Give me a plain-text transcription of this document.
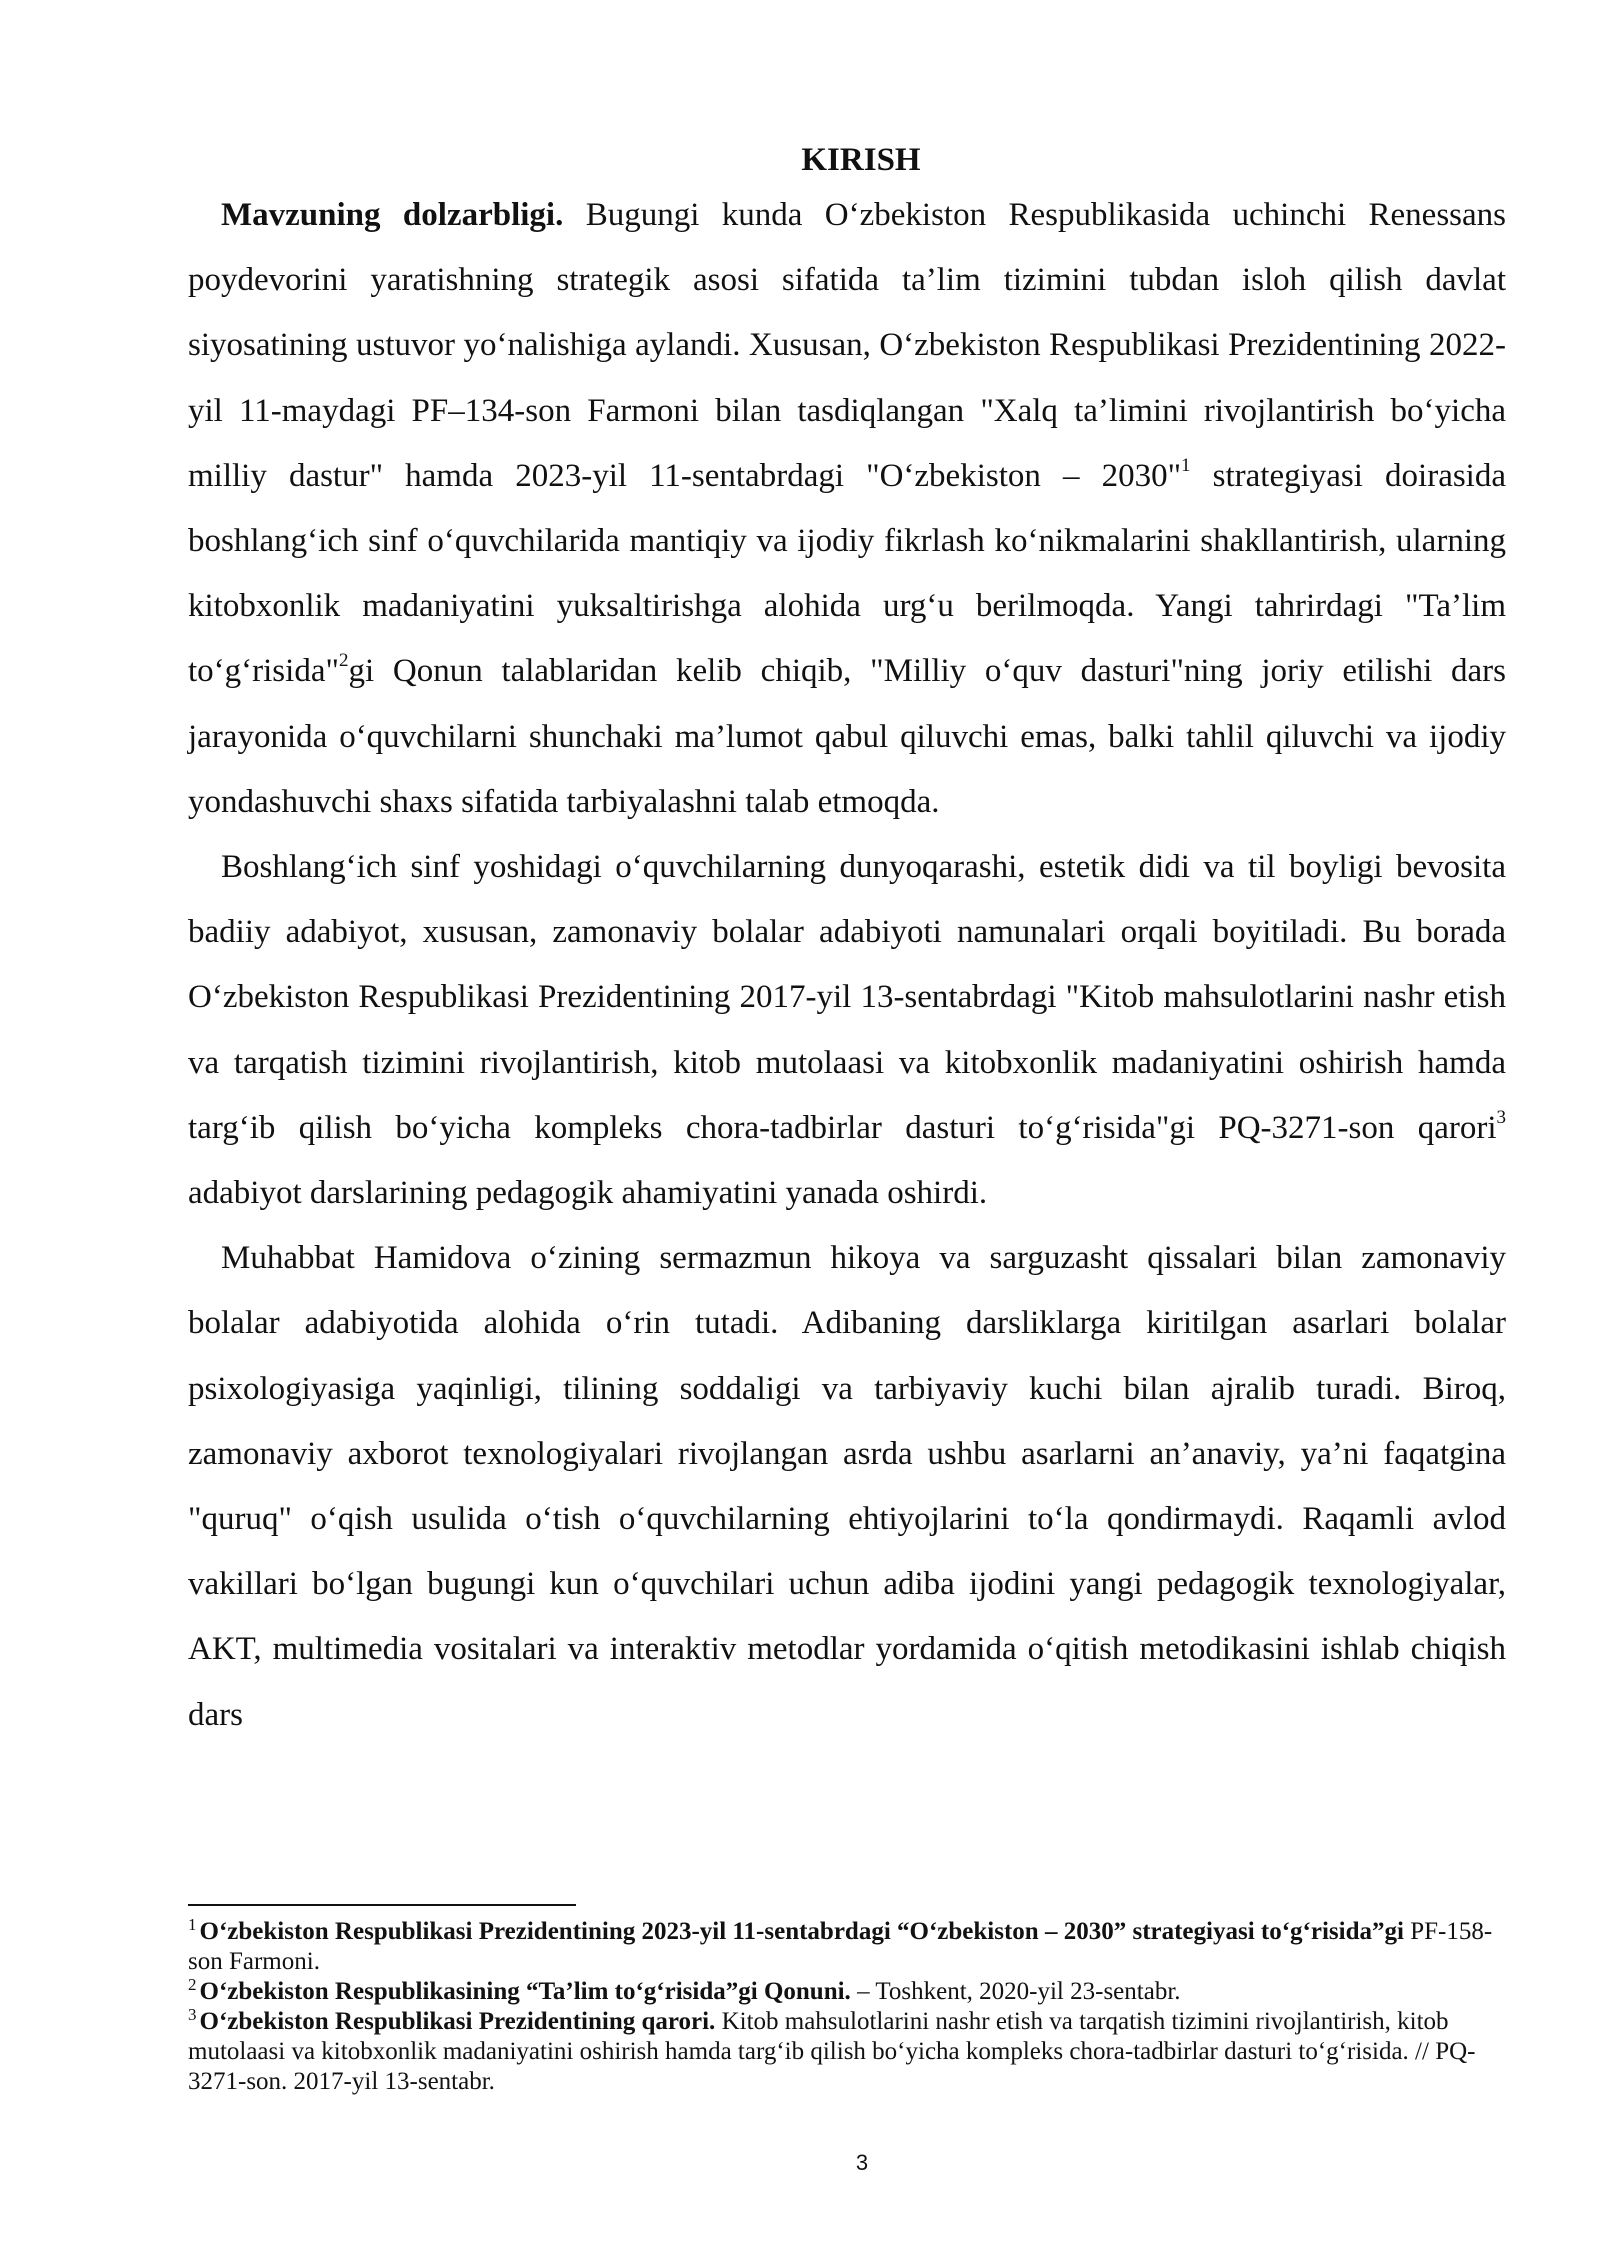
KIRISH

Mavzuning dolzarbligi. Bugungi kunda O‘zbekiston Respublikasida uchinchi Renessans poydevorini yaratishning strategik asosi sifatida ta’lim tizimini tubdan isloh qilish davlat siyosatining ustuvor yo‘nalishiga aylandi. Xususan, O‘zbekiston Respublikasi Prezidentining 2022-yil 11-maydagi PF–134-son Farmoni bilan tasdiqlangan "Xalq ta’limini rivojlantirish bo‘yicha milliy dastur" hamda 2023-yil 11-sentabrdagi "O‘zbekiston – 2030"$^1$ strategiyasi doirasida boshlang‘ich sinf o‘quvchilarida mantiqiy va ijodiy fikrlash ko‘nikmalarini shakllantirish, ularning kitobxonlik madaniyatini yuksaltirishga alohida urg‘u berilmoqda. Yangi tahrirdagi "Ta’lim to‘g‘risida"$^2$gi Qonun talablaridan kelib chiqib, "Milliy o‘quv dasturi"ning joriy etilishi dars jarayonida o‘quvchilarni shunchaki ma’lumot qabul qiluvchi emas, balki tahlil qiluvchi va ijodiy yondashuvchi shaxs sifatida tarbiyalashni talab etmoqda.

Boshlang‘ich sinf yoshidagi o‘quvchilarning dunyoqarashi, estetik didi va til boyligi bevosita badiiy adabiyot, xususan, zamonaviy bolalar adabiyoti namunalari orqali boyitiladi. Bu borada O‘zbekiston Respublikasi Prezidentining 2017-yil 13-sentabrdagi "Kitob mahsulotlarini nashr etish va tarqatish tizimini rivojlantirish, kitob mutolaasi va kitobxonlik madaniyatini oshirish hamda targ‘ib qilish bo‘yicha kompleks chora-tadbirlar dasturi to‘g‘risida"gi PQ-3271-son qarori$^3$ adabiyot darslarining pedagogik ahamiyatini yanada oshirdi.

Muhabbat Hamidova o‘zining sermazmun hikoya va sarguzasht qissalari bilan zamonaviy bolalar adabiyotida alohida o‘rin tutadi. Adibaning darsliklarga kiritilgan asarlari bolalar psixologiyasiga yaqinligi, tilining soddaligi va tarbiyaviy kuchi bilan ajralib turadi. Biroq, zamonaviy axborot texnologiyalari rivojlangan asrda ushbu asarlarni an’anaviy, ya’ni faqatgina "quruq" o‘qish usulida o‘tish o‘quvchilarning ehtiyojlarini to‘la qondirmaydi. Raqamli avlod vakillari bo‘lgan bugungi kun o‘quvchilari uchun adiba ijodini yangi pedagogik texnologiyalar, AKT, multimedia vositalari va interaktiv metodlar yordamida o‘qitish metodikasini ishlab chiqish dars

$^1$ O‘zbekiston Respublikasi Prezidentining 2023-yil 11-sentabrdagi “O‘zbekiston – 2030” strategiyasi to‘g‘risida”gi PF-158-son Farmoni.

$^2$ O‘zbekiston Respublikasining “Ta’lim to‘g‘risida”gi Qonuni. – Toshkent, 2020-yil 23-sentabr.

$^3$ O‘zbekiston Respublikasi Prezidentining qarori. Kitob mahsulotlarini nashr etish va tarqatish tizimini rivojlantirish, kitob mutolaasi va kitobxonlik madaniyatini oshirish hamda targ‘ib qilish bo‘yicha kompleks chora-tadbirlar dasturi to‘g‘risida. // PQ-3271-son. 2017-yil 13-sentabr.

3
